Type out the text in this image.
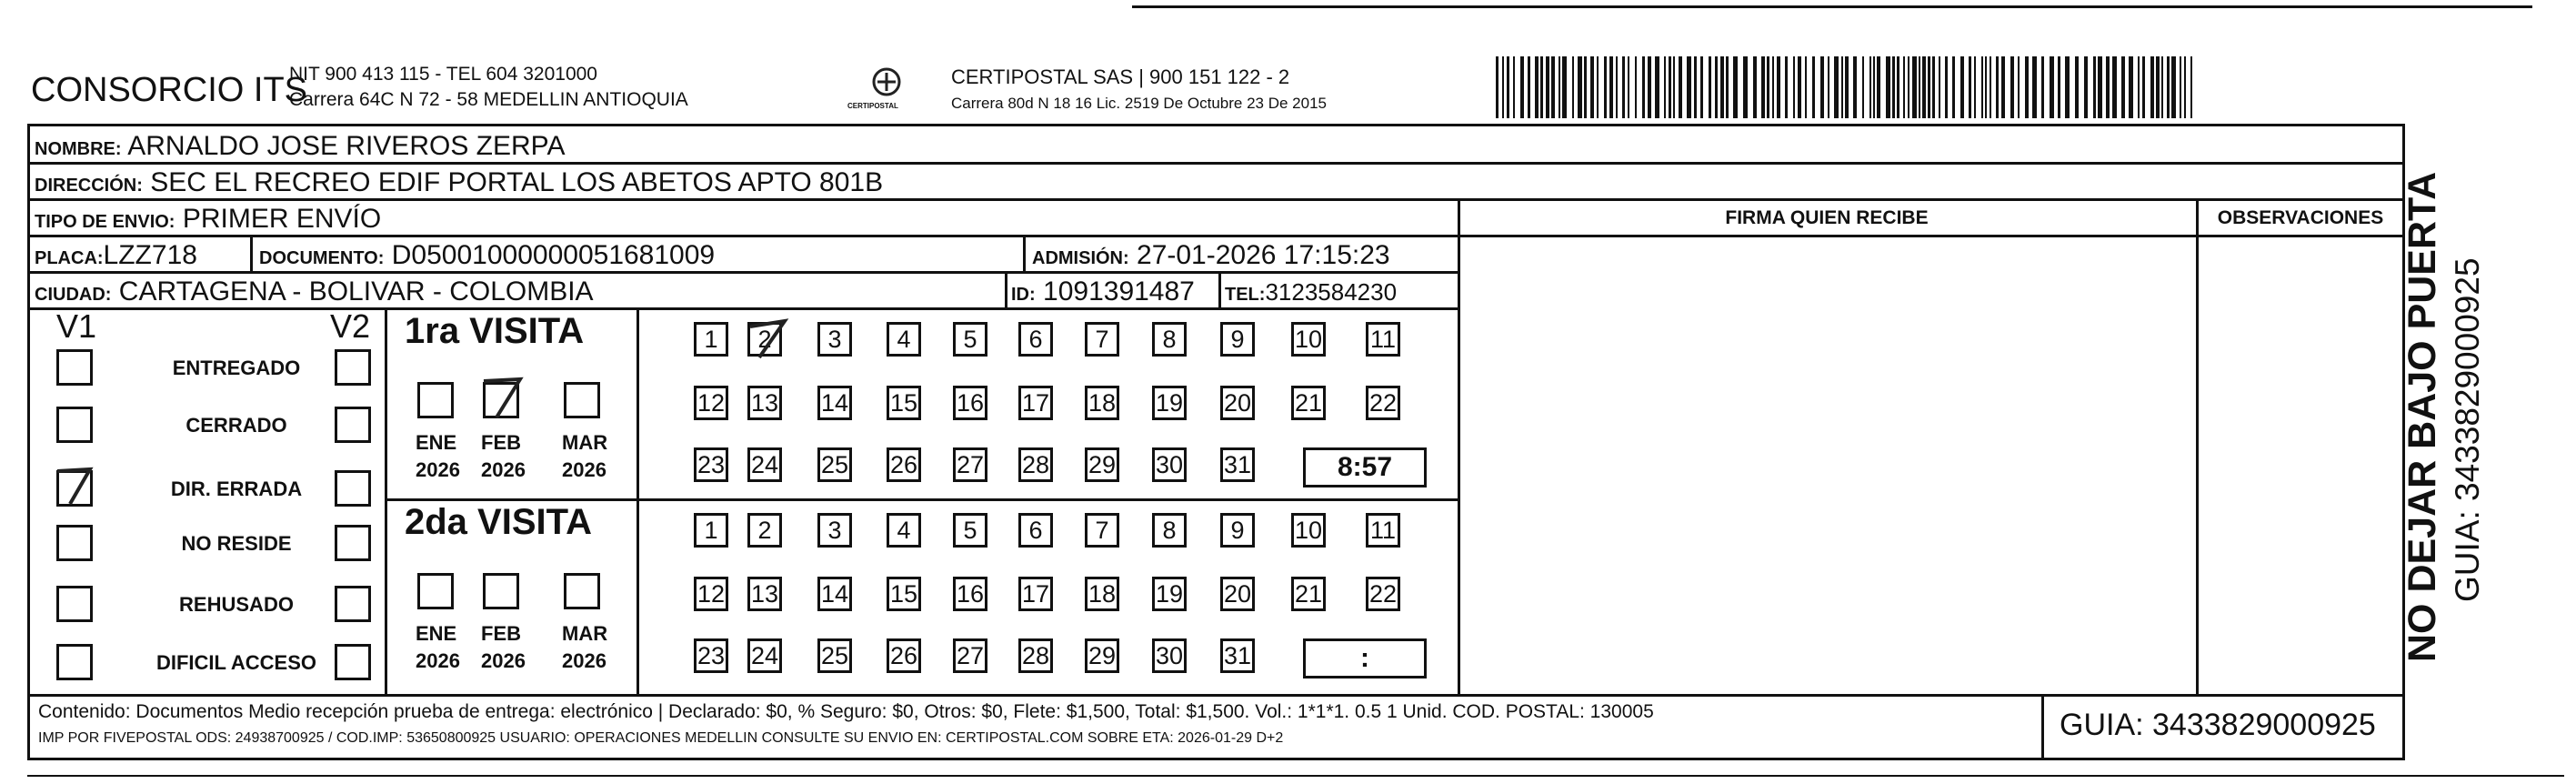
CONSORCIO ITS
NIT 900 413 115 - TEL 604 3201000
Carrera 64C N 72 - 58 MEDELLIN ANTIOQUIA	CERTIPOSTAL
CERTIPOSTAL SAS | 900 151 122 - 2
Carrera 80d N 18 16 Lic. 2519 De Octubre 23 De 2015
NOMBRE: ARNALDO JOSE RIVEROS ZERPA
DIRECCIÓN: SEC EL RECREO EDIF PORTAL LOS ABETOS APTO 801B
TIPO DE ENVIO: PRIMER ENVÍO	FIRMA QUIEN RECIBE	OBSERVACIONES
PLACA:LZZ718	DOCUMENTO: D05001000000051681009	ADMISIÓN: 27-01-2026 17:15:23
CIUDAD: CARTAGENA - BOLIVAR - COLOMBIA	ID: 1091391487 TEL:3123584230
V1	V2
ENTREGADO
CERRADO
DIR. ERRADA
NO RESIDE
REHUSADO
DIFICIL ACCESO
1ra VISITA
ENE
2026
FEB
2026
MAR
2026
1	2	3	4	5	6	7	8	9	10 11
12 13 14 15 16 17 18 19 20 21 22
23 24 25 26 27 28 29 30 31	8:57
2da VISITA
ENE
2026
FEB
2026
MAR
2026
1	2	3	4	5	6	7	8	9	10 11
12 13 14 15 16 17 18 19 20 21 22
23 24 25 26 27 28 29 30 31	:
Contenido: Documentos Medio recepción prueba de entrega: electrónico | Declarado: $0, % Seguro: $0, Otros: $0, Flete: $1,500, Total: $1,500. Vol.: 1*1*1. 0.5 1 Unid. COD. POSTAL: 130005
IMP POR FIVEPOSTAL ODS: 24938700925 / COD.IMP: 53650800925 USUARIO: OPERACIONES MEDELLIN CONSULTE SU ENVIO EN: CERTIPOSTAL.COM SOBRE ETA: 2026-01-29 D+2	GUIA: 3433829000925
NO DEJAR BAJO PUERTA GUIA: 3433829000925
